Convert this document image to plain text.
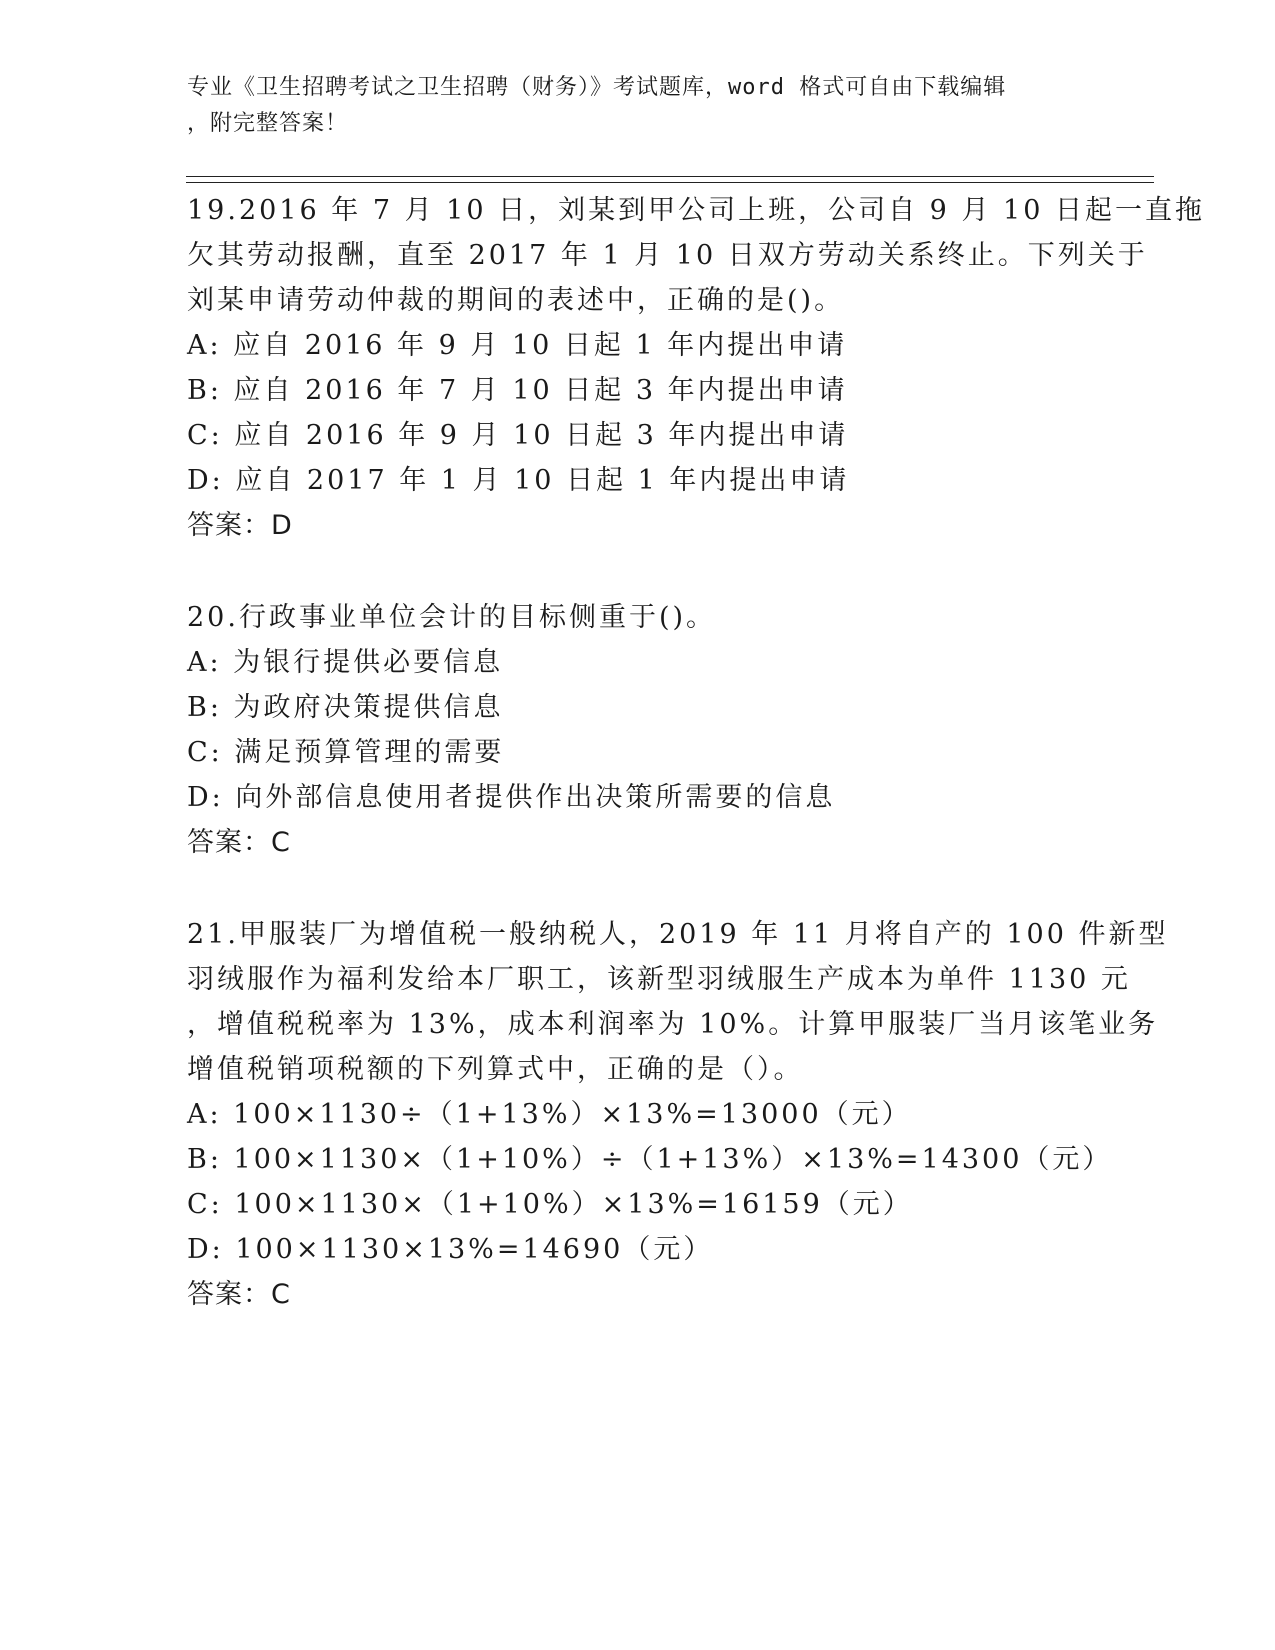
专业《卫生招聘考试之卫生招聘（财务）》考试题库，word 格式可自由下载编辑
，附完整答案！
19.2016 年 7 月 10 日，刘某到甲公司上班，公司自 9 月 10 日起一直拖
欠其劳动报酬，直至 2017 年 1 月 10 日双方劳动关系终止。下列关于
刘某申请劳动仲裁的期间的表述中，正确的是()。
A: 应自 2016 年 9 月 10 日起 1 年内提出申请
B: 应自 2016 年 7 月 10 日起 3 年内提出申请
C: 应自 2016 年 9 月 10 日起 3 年内提出申请
D: 应自 2017 年 1 月 10 日起 1 年内提出申请
答案：D
20.行政事业单位会计的目标侧重于()。
A: 为银行提供必要信息
B: 为政府决策提供信息
C: 满足预算管理的需要
D: 向外部信息使用者提供作出决策所需要的信息
答案：C
21.甲服装厂为增值税一般纳税人，2019 年 11 月将自产的 100 件新型
羽绒服作为福利发给本厂职工，该新型羽绒服生产成本为单件 1130 元
，增值税税率为 13%，成本利润率为 10%。计算甲服装厂当月该笔业务
增值税销项税额的下列算式中，正确的是（）。
A: 100×1130÷（1+13%）×13%=13000（元）
B: 100×1130×（1+10%）÷（1+13%）×13%=14300（元）
C: 100×1130×（1+10%）×13%=16159（元）
D: 100×1130×13%=14690（元）
答案：C
